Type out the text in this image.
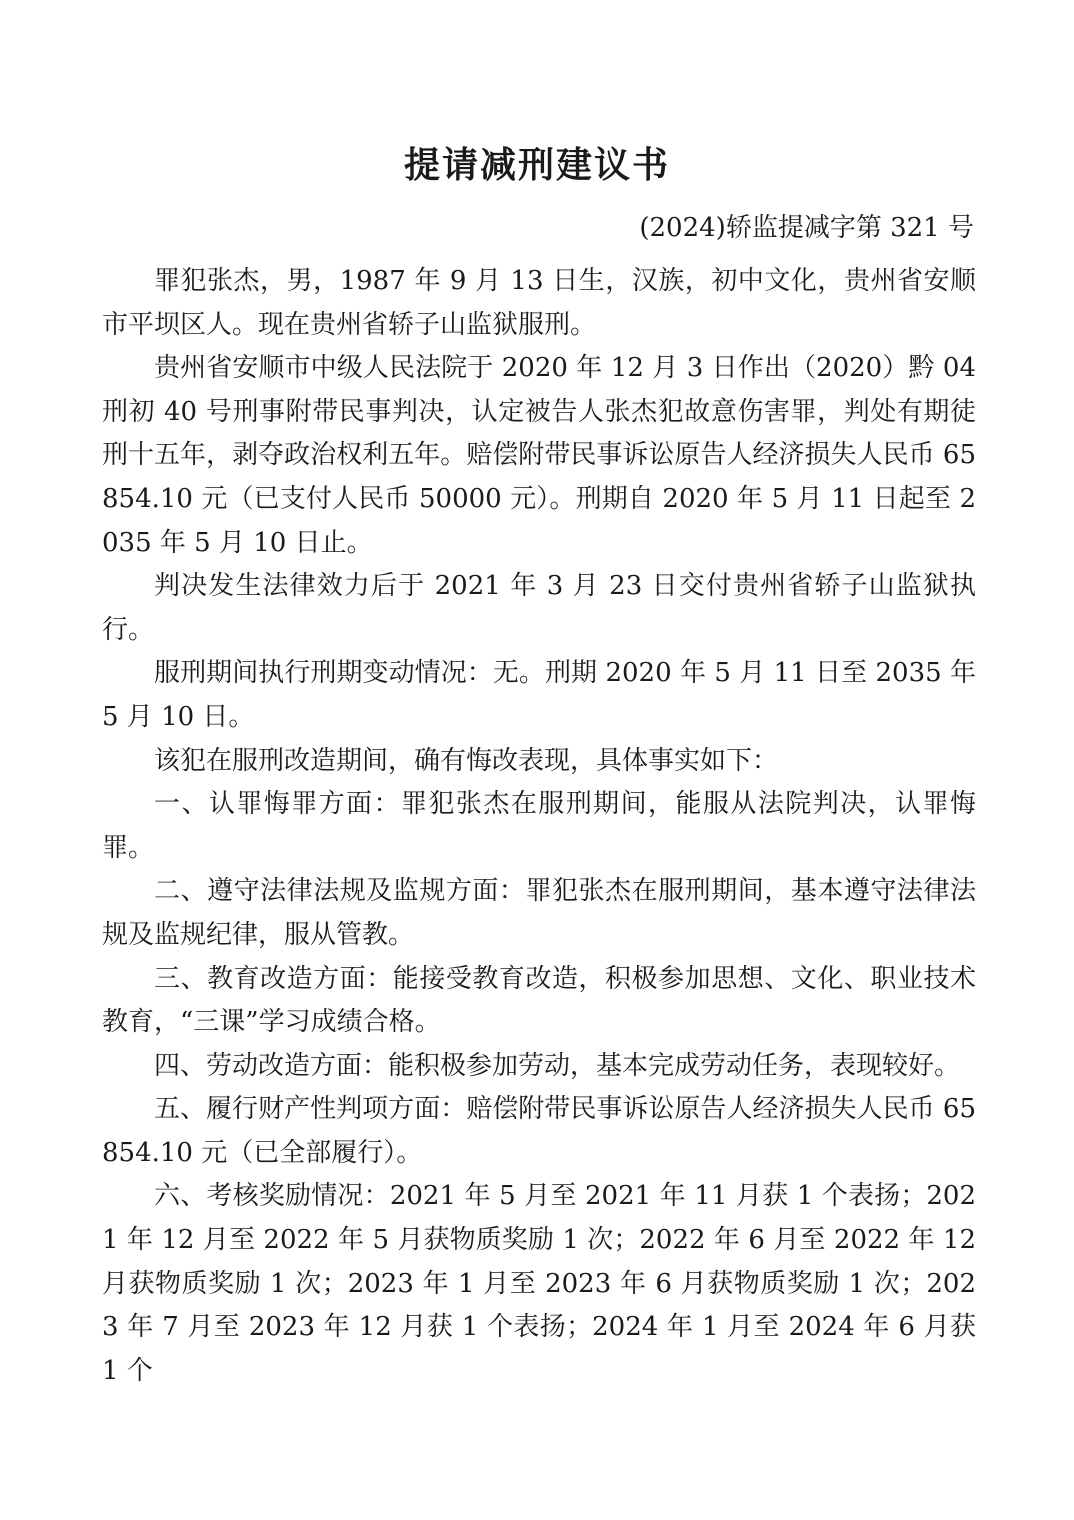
提请减刑建议书
(2024)轿监提减字第 321 号

罪犯张杰，男，1987 年 9 月 13 日生，汉族，初中文化，贵州省安顺市平坝区人。现在贵州省轿子山监狱服刑。

贵州省安顺市中级人民法院于 2020 年 12 月 3 日作出（2020）黔 04 刑初 40 号刑事附带民事判决，认定被告人张杰犯故意伤害罪，判处有期徒刑十五年，剥夺政治权利五年。赔偿附带民事诉讼原告人经济损失人民币 65854.10 元（已支付人民币 50000 元）。刑期自 2020 年 5 月 11 日起至 2035 年 5 月 10 日止。

判决发生法律效力后于 2021 年 3 月 23 日交付贵州省轿子山监狱执行。

服刑期间执行刑期变动情况：无。刑期 2020 年 5 月 11 日至 2035 年 5 月 10 日。

该犯在服刑改造期间，确有悔改表现，具体事实如下：

一、认罪悔罪方面：罪犯张杰在服刑期间，能服从法院判决，认罪悔罪。

二、遵守法律法规及监规方面：罪犯张杰在服刑期间，基本遵守法律法规及监规纪律，服从管教。

三、教育改造方面：能接受教育改造，积极参加思想、文化、职业技术教育，“三课”学习成绩合格。

四、劳动改造方面：能积极参加劳动，基本完成劳动任务，表现较好。

五、履行财产性判项方面：赔偿附带民事诉讼原告人经济损失人民币 65854.10 元（已全部履行）。

六、考核奖励情况：2021 年 5 月至 2021 年 11 月获 1 个表扬；2021 年 12 月至 2022 年 5 月获物质奖励 1 次；2022 年 6 月至 2022 年 12 月获物质奖励 1 次；2023 年 1 月至 2023 年 6 月获物质奖励 1 次；2023 年 7 月至 2023 年 12 月获 1 个表扬；2024 年 1 月至 2024 年 6 月获 1 个
